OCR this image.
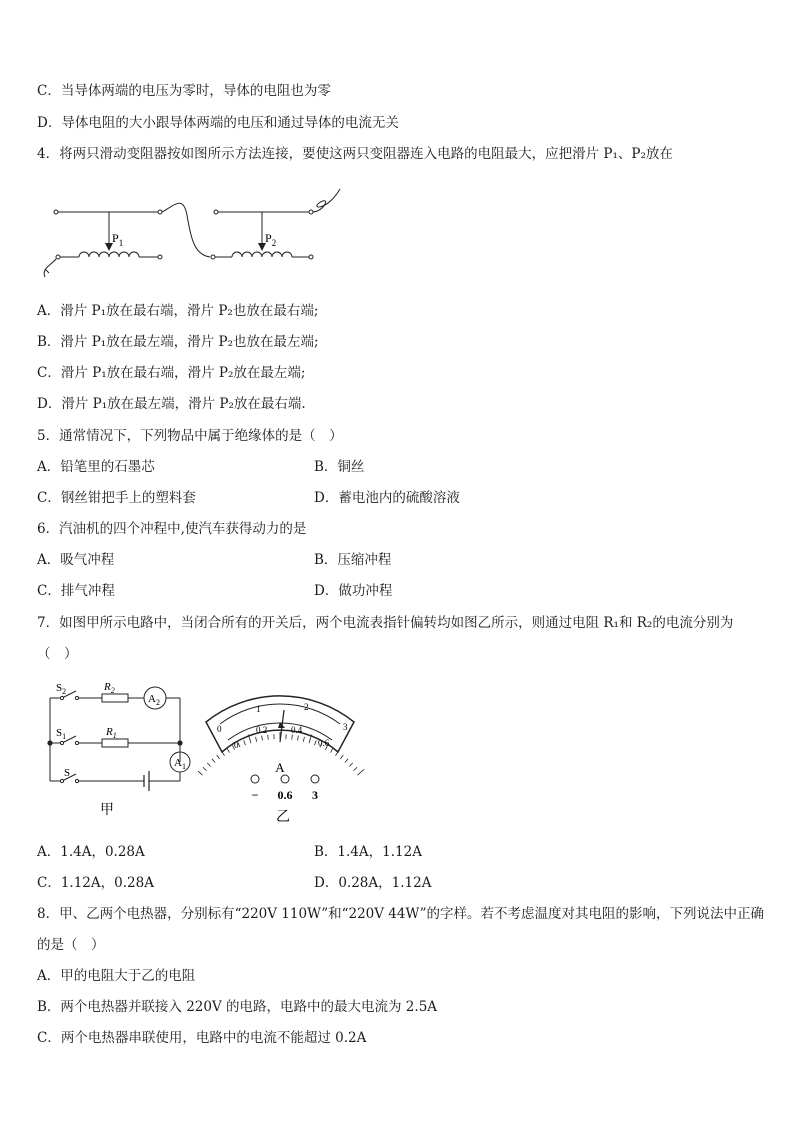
C．当导体两端的电压为零时，导体的电阻也为零
D．导体电阻的大小跟导体两端的电压和通过导体的电流无关
4．将两只滑动变阻器按如图所示方法连接，要使这两只变阻器连入电路的电阻最大，应把滑片 P₁、P₂放在
$P_1$	$P_2$
A．滑片 P₁放在最右端，滑片 P₂也放在最右端;
B．滑片 P₁放在最左端，滑片 P₂也放在最左端;
C．滑片 P₁放在最右端，滑片 P₂放在最左端;
D．滑片 P₁放在最左端，滑片 P₂放在最右端.
5．通常情况下，下列物品中属于绝缘体的是（　）
A．铅笔里的石墨芯	B．铜丝
C．钢丝钳把手上的塑料套	D．蓄电池内的硫酸溶液
6．汽油机的四个冲程中,使汽车获得动力的是
A．吸气冲程	B．压缩冲程
C．排气冲程	D．做功冲程
7．如图甲所示电路中，当闭合所有的开关后，两个电流表指针偏转均如图乙所示，则通过电阻 R₁和 R₂的电流分别为
（　）
$S_2$	$R_2$
$A_2$
$S_1$	$R_1$
$A_1$
S
甲
0
1	2
3
0
0.2	0.4
0.6
A
− 0.6 3
乙
A．1.4A，0.28A	B．1.4A，1.12A
C．1.12A，0.28A	D．0.28A，1.12A
8．甲、乙两个电热器，分别标有“220V 110W”和“220V 44W”的字样。若不考虑温度对其电阻的影响，下列说法中正确
的是（　）
A．甲的电阻大于乙的电阻
B．两个电热器并联接入 220V 的电路，电路中的最大电流为 2.5A
C．两个电热器串联使用，电路中的电流不能超过 0.2A
